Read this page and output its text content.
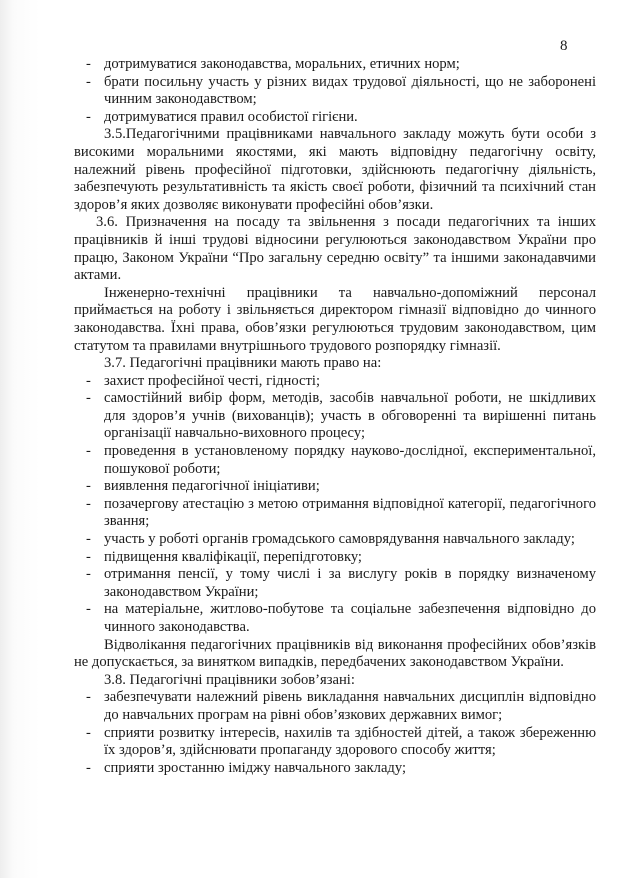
8
- дотримуватися законодавства, моральних, етичних норм;
- брати посильну участь у різних видах трудової діяльності, що не заборонені чинним законодавством;
- дотримуватися правил особистої гігієни.

3.5.Педагогічними працівниками навчального закладу можуть бути особи з високими моральними якостями, які мають відповідну педагогічну освіту, належний рівень професійної підготовки, здійснюють педагогічну діяльність, забезпечують результативність та якість своєї роботи, фізичний та психічний стан здоров’я яких дозволяє виконувати професійні обов’язки.

3.6. Призначення на посаду та звільнення з посади педагогічних та інших працівників й інші трудові відносини регулюються законодавством України про працю, Законом України “Про загальну середню освіту” та іншими законадавчими актами.

Інженерно-технічні працівники та навчально-допоміжний персонал приймається на роботу і звільняється директором гімназії відповідно до чинного законодавства. Їхні права, обов’язки регулюються трудовим законодавством, цим статутом та правилами внутрішнього трудового розпорядку гімназії.

3.7. Педагогічні працівники мають право на:

- захист професійної честі, гідності;
- самостійний вибір форм, методів, засобів навчальної роботи, не шкідливих для здоров’я учнів (вихованців); участь в обговоренні та вирішенні питань організації навчально-виховного процесу;
- проведення в установленому порядку науково-дослідної, експериментальної, пошукової роботи;
- виявлення педагогічної ініціативи;
- позачергову атестацію з метою отримання відповідної категорії, педагогічного звання;
- участь у роботі органів громадського самоврядування навчального закладу;
- підвищення кваліфікації, перепідготовку;
- отримання пенсії, у тому числі і за вислугу років в порядку визначеному законодавством України;
- на матеріальне, житлово-побутове та соціальне забезпечення відповідно до чинного законодавства.

Відволікання педагогічних працівників від виконання професійних обов’язків не допускається, за винятком випадків, передбачених законодавством України.

3.8. Педагогічні працівники зобов’язані:

- забезпечувати належний рівень викладання навчальних дисциплін відповідно до навчальних програм на рівні обов’язкових державних вимог;
- сприяти розвитку інтересів, нахилів та здібностей дітей, а також збереженню їх здоров’я, здійснювати пропаганду здорового способу життя;
- сприяти зростанню іміджу навчального закладу;
